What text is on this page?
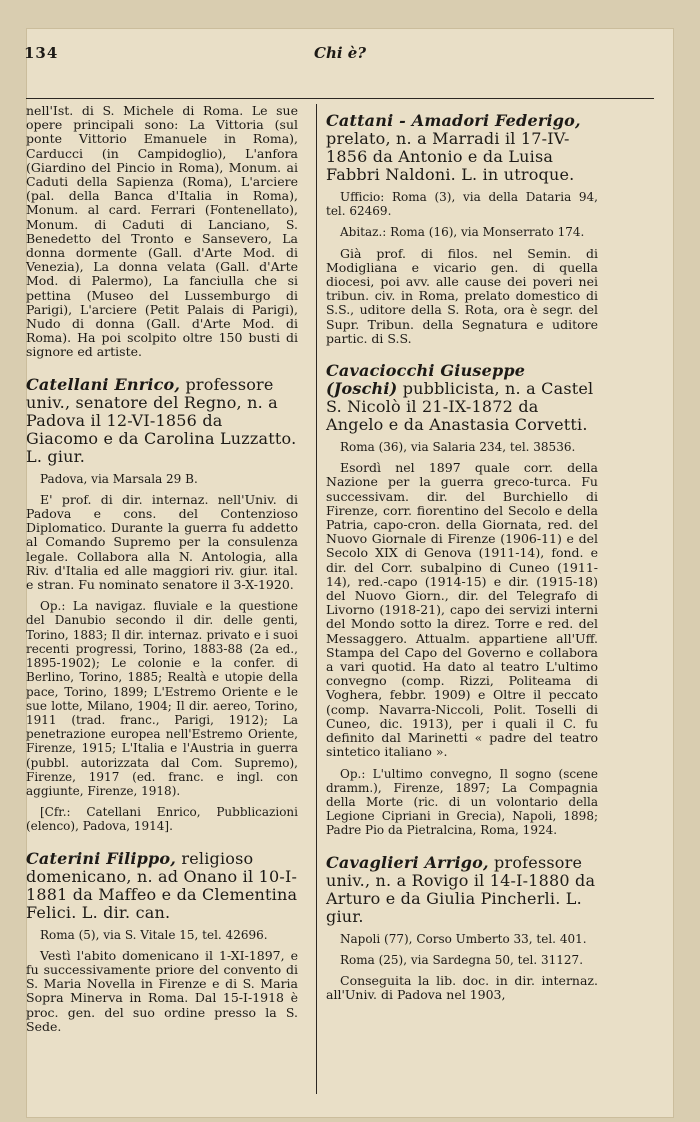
134	Chi è?

nell'Ist. di S. Michele di Roma. Le sue opere principali sono: La Vittoria (sul ponte Vittorio Emanuele in Roma), Carducci (in Campidoglio), L'anfora (Giardino del Pincio in Roma), Monum. ai Caduti della Sapienza (Roma), L'arciere (pal. della Banca d'Italia in Roma), Monum. al card. Ferrari (Fontenellato), Monum. di Caduti di Lanciano, S. Benedetto del Tronto e Sansevero, La donna dormente (Gall. d'Arte Mod. di Venezia), La donna velata (Gall. d'Arte Mod. di Palermo), La fanciulla che si pettina (Museo del Lussemburgo di Parigi), L'arciere (Petit Palais di Parigi), Nudo di donna (Gall. d'Arte Mod. di Roma). Ha poi scolpito oltre 150 busti di signore ed artiste.

Catellani Enrico, professore univ., senatore del Regno, n. a Padova il 12-VI-1856 da Giacomo e da Carolina Luzzatto. L. giur.

Padova, via Marsala 29 B.

E' prof. di dir. internaz. nell'Univ. di Padova e cons. del Contenzioso Diplomatico. Durante la guerra fu addetto al Comando Supremo per la consulenza legale. Collabora alla N. Antologia, alla Riv. d'Italia ed alle maggiori riv. giur. ital. e stran. Fu nominato senatore il 3-X-1920.

Op.: La navigaz. fluviale e la questione del Danubio secondo il dir. delle genti, Torino, 1883; Il dir. internaz. privato e i suoi recenti progressi, Torino, 1883-88 (2a ed., 1895-1902); Le colonie e la confer. di Berlino, Torino, 1885; Realtà e utopie della pace, Torino, 1899; L'Estremo Oriente e le sue lotte, Milano, 1904; Il dir. aereo, Torino, 1911 (trad. franc., Parigi, 1912); La penetrazione europea nell'Estremo Oriente, Firenze, 1915; L'Italia e l'Austria in guerra (pubbl. autorizzata dal Com. Supremo), Firenze, 1917 (ed. franc. e ingl. con aggiunte, Firenze, 1918).

[Cfr.: Catellani Enrico, Pubblicazioni (elenco), Padova, 1914].

Caterini Filippo, religioso domenicano, n. ad Onano il 10-I-1881 da Maffeo e da Clementina Felici. L. dir. can.

Roma (5), via S. Vitale 15, tel. 42696.

Vestì l'abito domenicano il 1-XI-1897, e fu successivamente priore del convento di S. Maria Novella in Firenze e di S. Maria Sopra Minerva in Roma. Dal 15-I-1918 è proc. gen. del suo ordine presso la S. Sede.

Cattani - Amadori Federigo, prelato, n. a Marradi il 17-IV-1856 da Antonio e da Luisa Fabbri Naldoni. L. in utroque.

Ufficio: Roma (3), via della Dataria 94, tel. 62469.

Abitaz.: Roma (16), via Monserrato 174.

Già prof. di filos. nel Semin. di Modigliana e vicario gen. di quella diocesi, poi avv. alle cause dei poveri nei tribun. civ. in Roma, prelato domestico di S.S., uditore della S. Rota, ora è segr. del Supr. Tribun. della Segnatura e uditore partic. di S.S.

Cavaciocchi Giuseppe (Joschi) pubblicista, n. a Castel S. Nicolò il 21-IX-1872 da Angelo e da Anastasia Corvetti.

Roma (36), via Salaria 234, tel. 38536.

Esordì nel 1897 quale corr. della Nazione per la guerra greco-turca. Fu successivam. dir. del Burchiello di Firenze, corr. fiorentino del Secolo e della Patria, capo-cron. della Giornata, red. del Nuovo Giornale di Firenze (1906-11) e del Secolo XIX di Genova (1911-14), fond. e dir. del Corr. subalpino di Cuneo (1911-14), red.-capo (1914-15) e dir. (1915-18) del Nuovo Giorn., dir. del Telegrafo di Livorno (1918-21), capo dei servizi interni del Mondo sotto la direz. Torre e red. del Messaggero. Attualm. appartiene all'Uff. Stampa del Capo del Governo e collabora a vari quotid. Ha dato al teatro L'ultimo convegno (comp. Rizzi, Politeama di Voghera, febbr. 1909) e Oltre il peccato (comp. Navarra-Niccoli, Polit. Toselli di Cuneo, dic. 1913), per i quali il C. fu definito dal Marinetti « padre del teatro sintetico italiano ».

Op.: L'ultimo convegno, Il sogno (scene dramm.), Firenze, 1897; La Compagnia della Morte (ric. di un volontario della Legione Cipriani in Grecia), Napoli, 1898; Padre Pio da Pietralcina, Roma, 1924.

Cavaglieri Arrigo, professore univ., n. a Rovigo il 14-I-1880 da Arturo e da Giulia Pincherli. L. giur.

Napoli (77), Corso Umberto 33, tel. 401.

Roma (25), via Sardegna 50, tel. 31127.

Conseguita la lib. doc. in dir. internaz. all'Univ. di Padova nel 1903,
